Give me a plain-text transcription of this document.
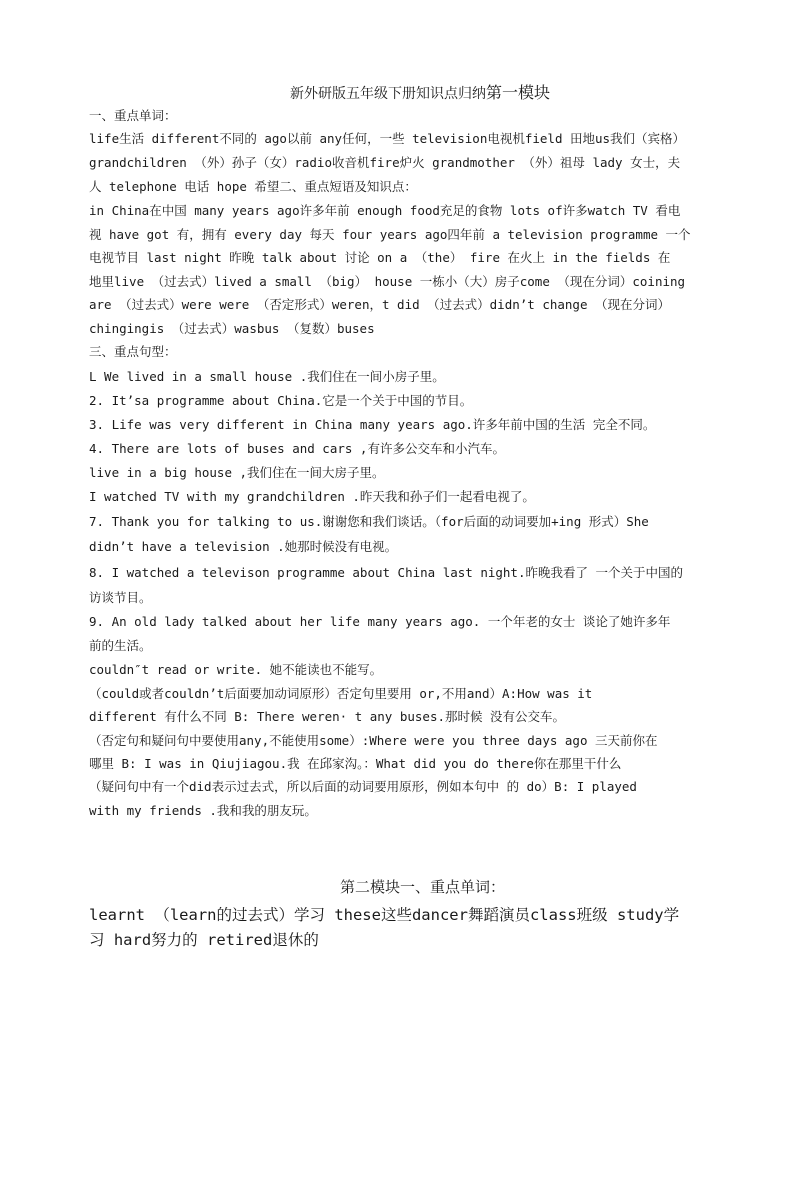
新外研版五年级下册知识点归纳第一模块
一、重点单词：
life生活 different不同的 ago以前 any任何，一些 television电视机field 田地us我们（宾格）
grandchildren （外）孙子（女）radio收音机fire炉火 grandmother （外）祖母 lady 女士，夫
人 telephone 电话 hope 希望二、重点短语及知识点：
in China在中国 many years ago许多年前 enough food充足的食物 lots of许多watch TV 看电
视 have got 有，拥有 every day 每天 four years ago四年前 a television programme 一个
电视节目 last night 昨晚 talk about 讨论 on a （the） fire 在火上 in the fields 在
地里live （过去式）lived a small （big） house 一栋小（大）房子come （现在分词）coining
are （过去式）were were （否定形式）weren，t did （过去式）didn’t change （现在分词）
chingingis （过去式）wasbus （复数）buses
三、重点句型：
L We lived in a small house .我们住在一间小房子里。
2. It’sa programme about China.它是一个关于中国的节目。
3. Life was very different in China many years ago.许多年前中国的生活 完全不同。
4. There are lots of buses and cars ,有许多公交车和小汽车。
live in a big house ,我们住在一间大房子里。
I watched TV with my grandchildren .昨天我和孙子们一起看电视了。
7. Thank you for talking to us.谢谢您和我们谈话。（for后面的动词要加+ing 形式）She
didn’t have a television .她那时候没有电视。
8. I watched a televison programme about China last night.昨晚我看了 一个关于中国的
访谈节目。
9. An old lady talked about her life many years ago. 一个年老的女士 谈论了她许多年
前的生活。
couldn″t read or write. 她不能读也不能写。
（could或者couldn’t后面要加动词原形）否定句里要用 or,不用and）A:How was it
different 有什么不同 B: There weren· t any buses.那时候 没有公交车。
（否定句和疑问句中要使用any,不能使用some）:Where were you three days ago 三天前你在
哪里 B: I was in Qiujiagou.我 在邱家沟。：What did you do there你在那里干什么
（疑问句中有一个did表示过去式，所以后面的动词要用原形，例如本句中 的 do）B: I played
with my friends .我和我的朋友玩。
第二模块一、重点单词：
learnt （learn的过去式）学习 these这些dancer舞蹈演员class班级 study学
习 hard努力的 retired退休的
